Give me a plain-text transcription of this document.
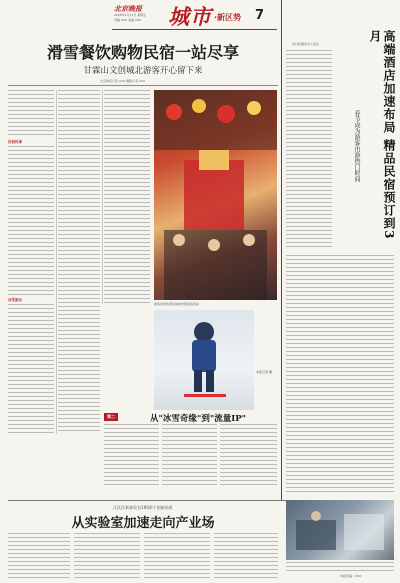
北京晚报
2025年1月17日 星期五
责编 XXX 美编 XXX 城市 ·新区势 7
滑雪餐饮购物民宿一站尽享
甘霖山文创城北游客开心留下来
北京晚报记者 XXX 摄影记者 XXX
民俗传承
冰雪游乐
游客在特色街区体验传统民俗活动
本报记者 摄
第二	从"冰雪奇缘"到"流量IP"
市行政服务中心北区	高端酒店加速布局 精品民宿预订到3月
春节成为游客出游热门时间
江区区新春发布100余个创新场景
从实验室加速走向产业场
本版责编：XXX
